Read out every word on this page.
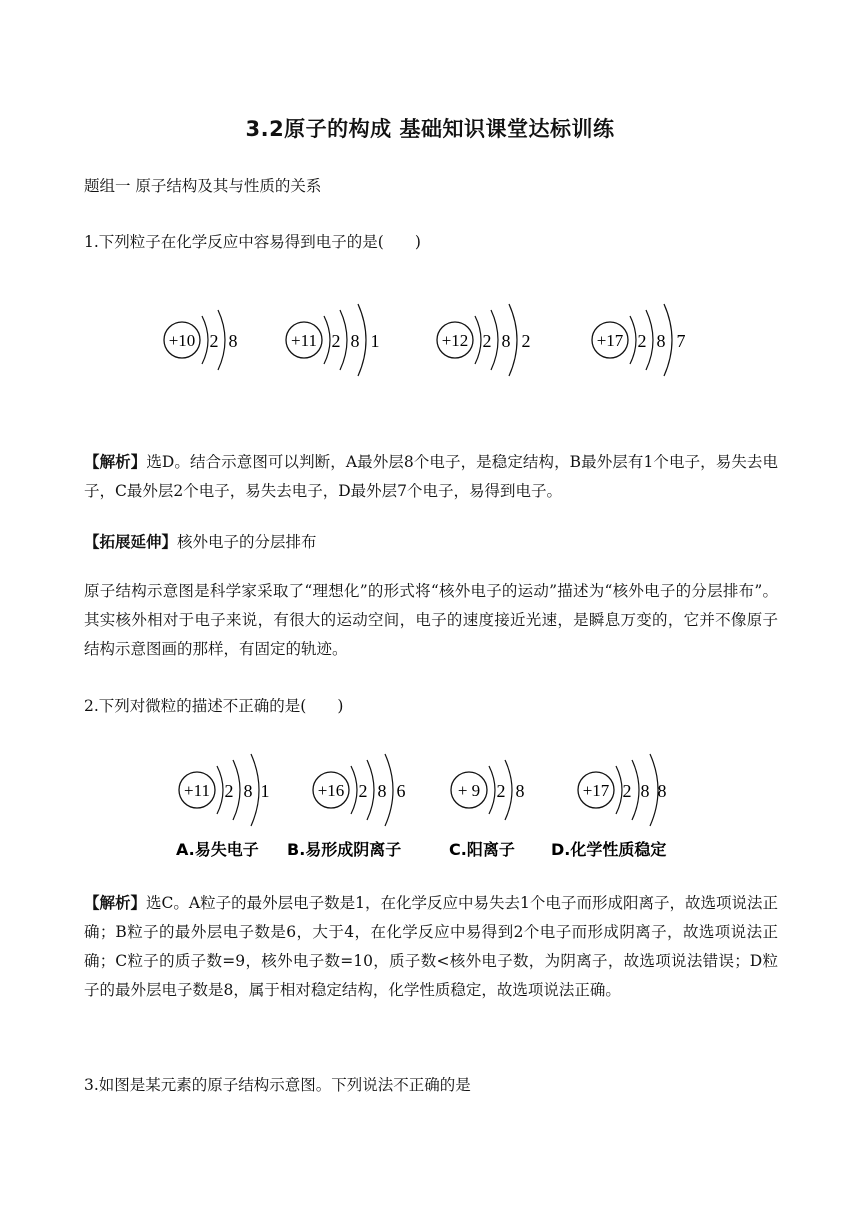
3.2原子的构成 基础知识课堂达标训练
题组一 原子结构及其与性质的关系
1.下列粒子在化学反应中容易得到电子的是(　　)
+10 2 8	+11 2 8 1	+12 2 8 2	+17 2 8 7
【解析】选D。结合示意图可以判断，A最外层8个电子，是稳定结构，B最外层有1个电子，易失去电子，C最外层2个电子，易失去电子，D最外层7个电子，易得到电子。
【拓展延伸】核外电子的分层排布
原子结构示意图是科学家采取了“理想化”的形式将“核外电子的运动”描述为“核外电子的分层排布”。其实核外相对于电子来说，有很大的运动空间，电子的速度接近光速，是瞬息万变的，它并不像原子结构示意图画的那样，有固定的轨迹。
2.下列对微粒的描述不正确的是(　　)
+11 2 8 1
A.易失电子
+16 2 8 6
B.易形成阴离子
+ 9 2 8
C.阳离子
+17 2 8 8
D.化学性质稳定
【解析】选C。A粒子的最外层电子数是1，在化学反应中易失去1个电子而形成阳离子，故选项说法正确；B粒子的最外层电子数是6，大于4，在化学反应中易得到2个电子而形成阴离子，故选项说法正确；C粒子的质子数=9，核外电子数=10，质子数<核外电子数，为阴离子，故选项说法错误；D粒子的最外层电子数是8，属于相对稳定结构，化学性质稳定，故选项说法正确。
3.如图是某元素的原子结构示意图。下列说法不正确的是
